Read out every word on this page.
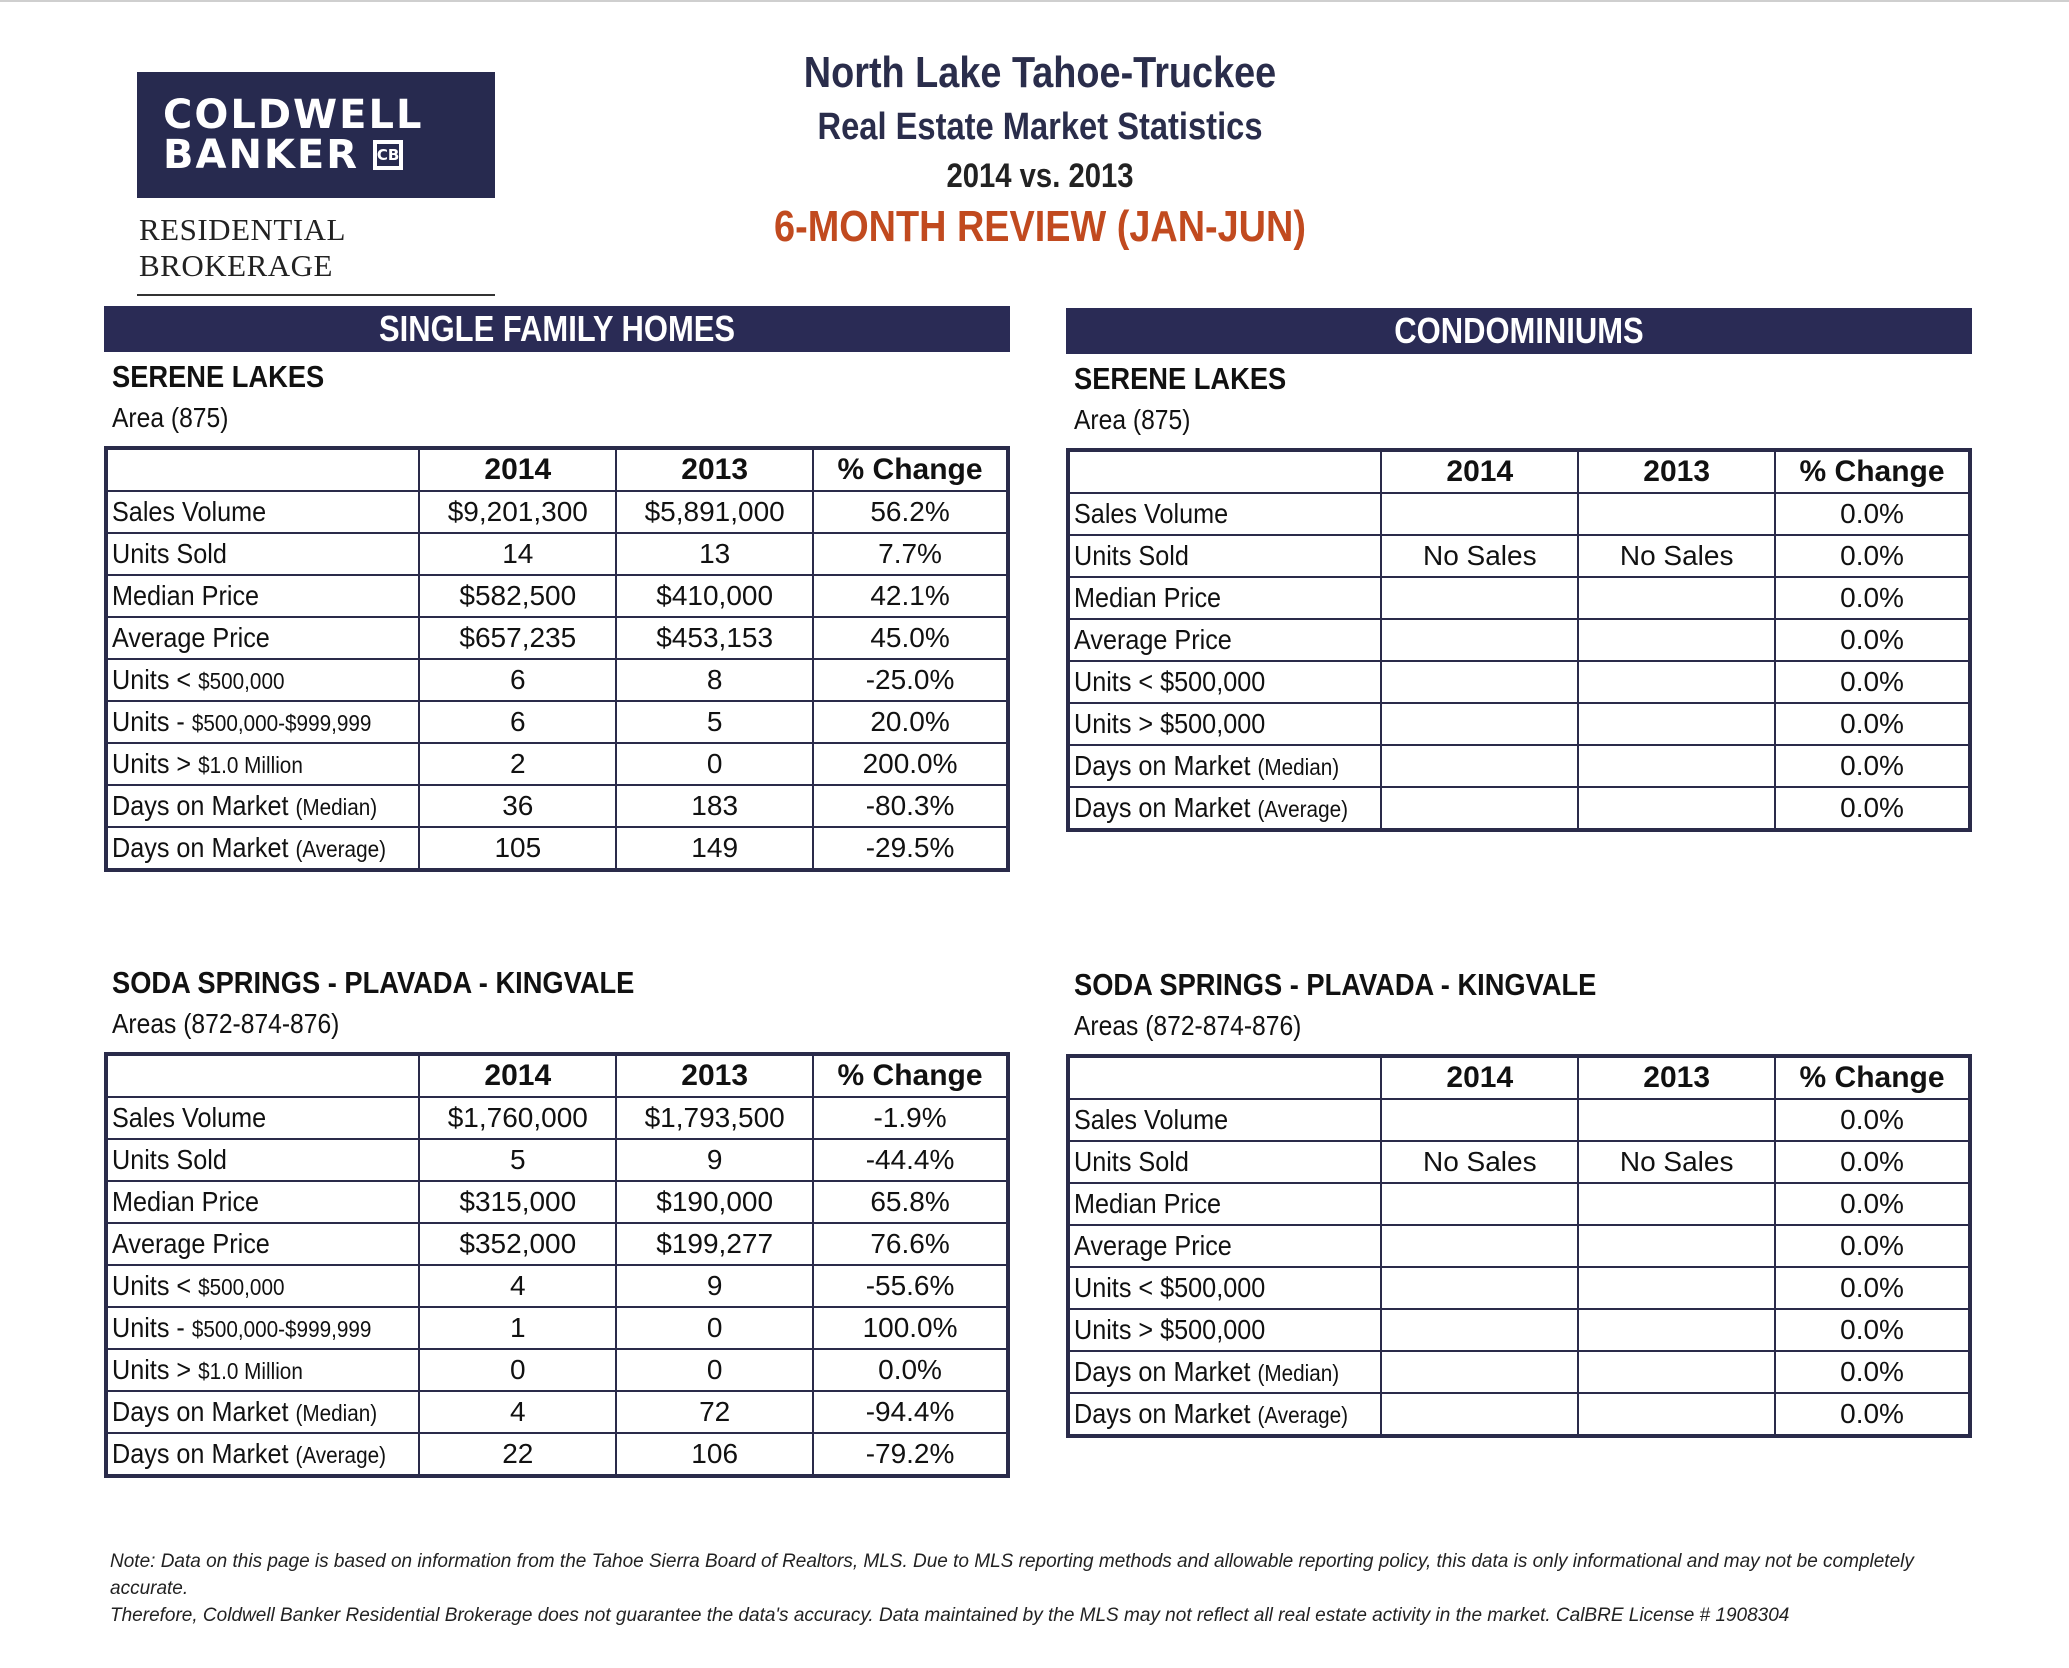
COLDWELL
BANKER CB
RESIDENTIAL BROKERAGE
North Lake Tahoe-Truckee
Real Estate Market Statistics
2014 vs. 2013
6-MONTH REVIEW (JAN-JUN)
SINGLE FAMILY HOMES
SERENE LAKES
Area (875)
	2014	2013	% Change
Sales Volume	$9,201,300	$5,891,000	56.2%
Units Sold	14	13	7.7%
Median Price	$582,500	$410,000	42.1%
Average Price	$657,235	$453,153	45.0%
Units < $500,000	6	8	-25.0%
Units - $500,000-$999,999	6	5	20.0%
Units > $1.0 Million	2	0	200.0%
Days on Market (Median)	36	183	-80.3%
Days on Market (Average)	105	149	-29.5%
SODA SPRINGS - PLAVADA - KINGVALE
Areas (872-874-876)
	2014	2013	% Change
Sales Volume	$1,760,000	$1,793,500	-1.9%
Units Sold	5	9	-44.4%
Median Price	$315,000	$190,000	65.8%
Average Price	$352,000	$199,277	76.6%
Units < $500,000	4	9	-55.6%
Units - $500,000-$999,999	1	0	100.0%
Units > $1.0 Million	0	0	0.0%
Days on Market (Median)	4	72	-94.4%
Days on Market (Average)	22	106	-79.2%
CONDOMINIUMS
SERENE LAKES
Area (875)
	2014	2013	% Change
Sales Volume			0.0%
Units Sold	No Sales	No Sales	0.0%
Median Price			0.0%
Average Price			0.0%
Units < $500,000			0.0%
Units > $500,000			0.0%
Days on Market (Median)			0.0%
Days on Market (Average)			0.0%
SODA SPRINGS - PLAVADA - KINGVALE
Areas (872-874-876)
	2014	2013	% Change
Sales Volume			0.0%
Units Sold	No Sales	No Sales	0.0%
Median Price			0.0%
Average Price			0.0%
Units < $500,000			0.0%
Units > $500,000			0.0%
Days on Market (Median)			0.0%
Days on Market (Average)			0.0%
Note: Data on this page is based on information from the Tahoe Sierra Board of Realtors, MLS. Due to MLS reporting methods and allowable reporting policy, this data is only informational and may not be completely accurate.
Therefore, Coldwell Banker Residential Brokerage does not guarantee the data's accuracy. Data maintained by the MLS may not reflect all real estate activity in the market. CalBRE License # 1908304
